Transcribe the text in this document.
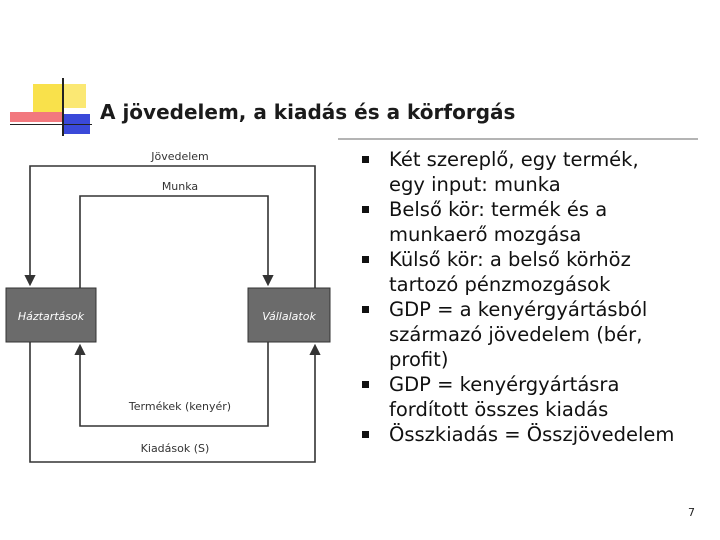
A jövedelem, a kiadás és a körforgás
Háztartások	Vállalatok
Jövedelem
Munka
Termékek (kenyér)
Kiadások (S)
Két szereplő, egy termék,
egy input: munka
Belső kör: termék és a
munkaerő mozgása
Külső kör: a belső körhöz
tartozó pénzmozgások
GDP = a kenyérgyártásból
származó jövedelem (bér,
profit)
GDP = kenyérgyártásra
fordított összes kiadás
Összkiadás = Összjövedelem
7
